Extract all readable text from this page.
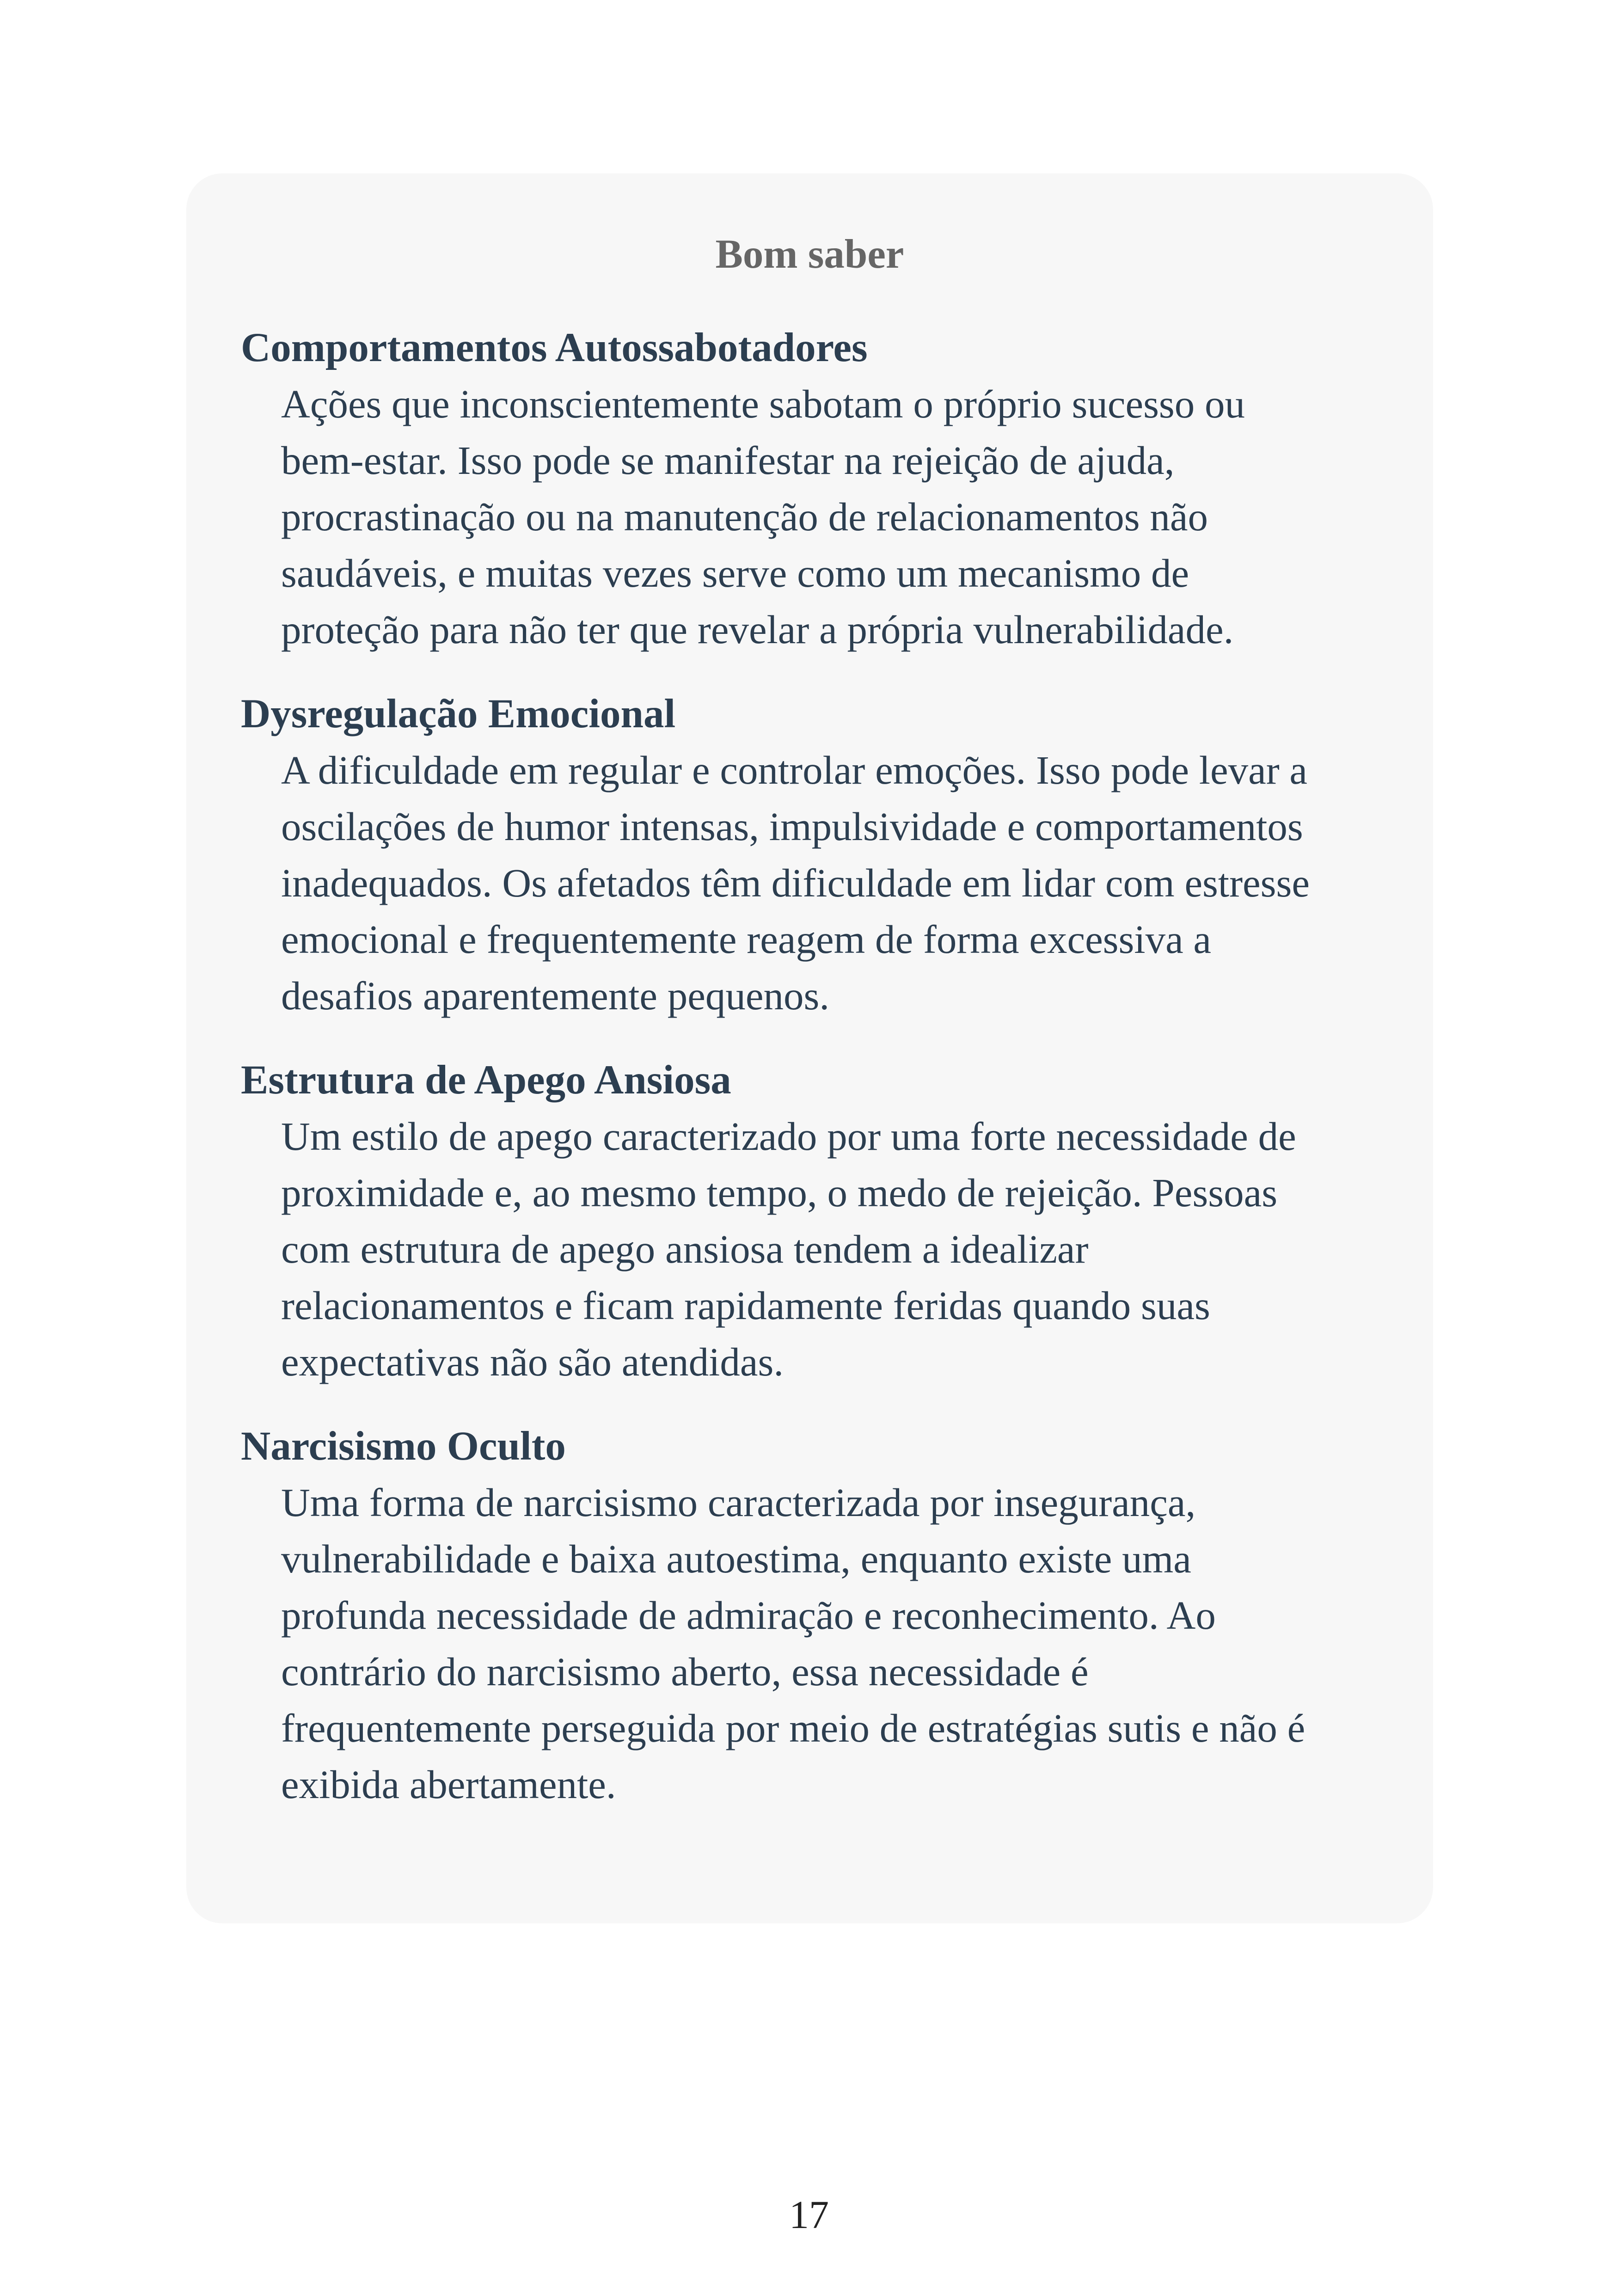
Bom saber

Comportamentos Autossabotadores

Ações que inconscientemente sabotam o próprio sucesso ou
bem-estar. Isso pode se manifestar na rejeição de ajuda,
procrastinação ou na manutenção de relacionamentos não
saudáveis, e muitas vezes serve como um mecanismo de
proteção para não ter que revelar a própria vulnerabilidade.

Dysregulação Emocional

A dificuldade em regular e controlar emoções. Isso pode levar a
oscilações de humor intensas, impulsividade e comportamentos
inadequados. Os afetados têm dificuldade em lidar com estresse
emocional e frequentemente reagem de forma excessiva a
desafios aparentemente pequenos.

Estrutura de Apego Ansiosa

Um estilo de apego caracterizado por uma forte necessidade de
proximidade e, ao mesmo tempo, o medo de rejeição. Pessoas
com estrutura de apego ansiosa tendem a idealizar
relacionamentos e ficam rapidamente feridas quando suas
expectativas não são atendidas.

Narcisismo Oculto

Uma forma de narcisismo caracterizada por insegurança,
vulnerabilidade e baixa autoestima, enquanto existe uma
profunda necessidade de admiração e reconhecimento. Ao
contrário do narcisismo aberto, essa necessidade é
frequentemente perseguida por meio de estratégias sutis e não é
exibida abertamente.

17
